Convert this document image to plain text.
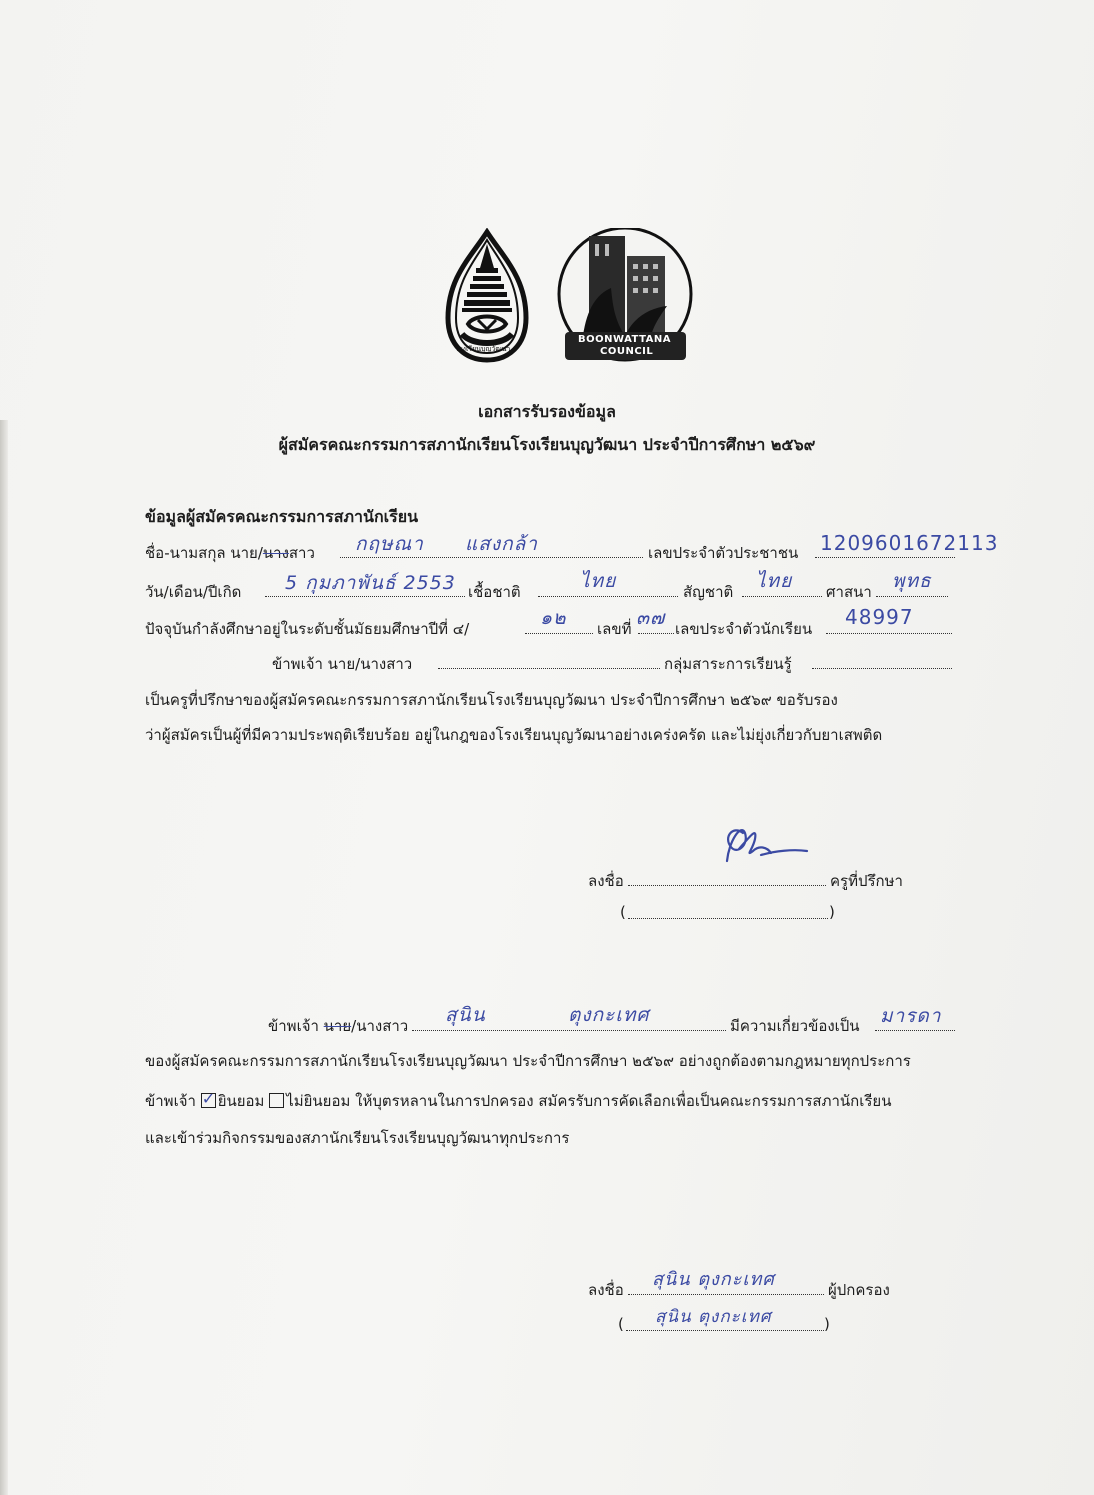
BOONWATTANA
COUNCIL
โรงเรียนบุญวัฒนา
เอกสารรับรองข้อมูล
ผู้สมัครคณะกรรมการสภานักเรียนโรงเรียนบุญวัฒนา ประจำปีการศึกษา ๒๕๖๙
ข้อมูลผู้สมัครคณะกรรมการสภานักเรียน
ชื่อ-นามสกุล นาย/นางสาว กฤษณา แสงกล้า	เลขประจำตัวประชาชน 1209601672113
วัน/เดือน/ปีเกิด 5 กุมภาพันธ์ 2553 เชื้อชาติ	ไทย	สัญชาติ ไทย ศาสนา พุทธ
ปัจจุบันกำลังศึกษาอยู่ในระดับชั้นมัธยมศึกษาปีที่ ๔/	๑๒ เลขที่ ๓๗ เลขประจำตัวนักเรียน 48997
ข้าพเจ้า นาย/นางสาว	กลุ่มสาระการเรียนรู้
เป็นครูที่ปรึกษาของผู้สมัครคณะกรรมการสภานักเรียนโรงเรียนบุญวัฒนา ประจำปีการศึกษา ๒๕๖๙ ขอรับรอง
ว่าผู้สมัครเป็นผู้ที่มีความประพฤติเรียบร้อย อยู่ในกฎของโรงเรียนบุญวัฒนาอย่างเคร่งครัด และไม่ยุ่งเกี่ยวกับยาเสพติด
ลงชื่อ	ครูที่ปรึกษา
(	)
ข้าพเจ้า นาย/นางสาว สุนิน	ตุงกะเทศ	มีความเกี่ยวข้องเป็น มารดา
ของผู้สมัครคณะกรรมการสภานักเรียนโรงเรียนบุญวัฒนา ประจำปีการศึกษา ๒๕๖๙ อย่างถูกต้องตามกฎหมายทุกประการ
ข้าพเจ้า ✓ ยินยอม ไม่ยินยอม ให้บุตรหลานในการปกครอง สมัครรับการคัดเลือกเพื่อเป็นคณะกรรมการสภานักเรียน
และเข้าร่วมกิจกรรมของสภานักเรียนโรงเรียนบุญวัฒนาทุกประการ
ลงชื่อ สุนิน ตุงกะเทศ	ผู้ปกครอง
( สุนิน ตุงกะเทศ	)
